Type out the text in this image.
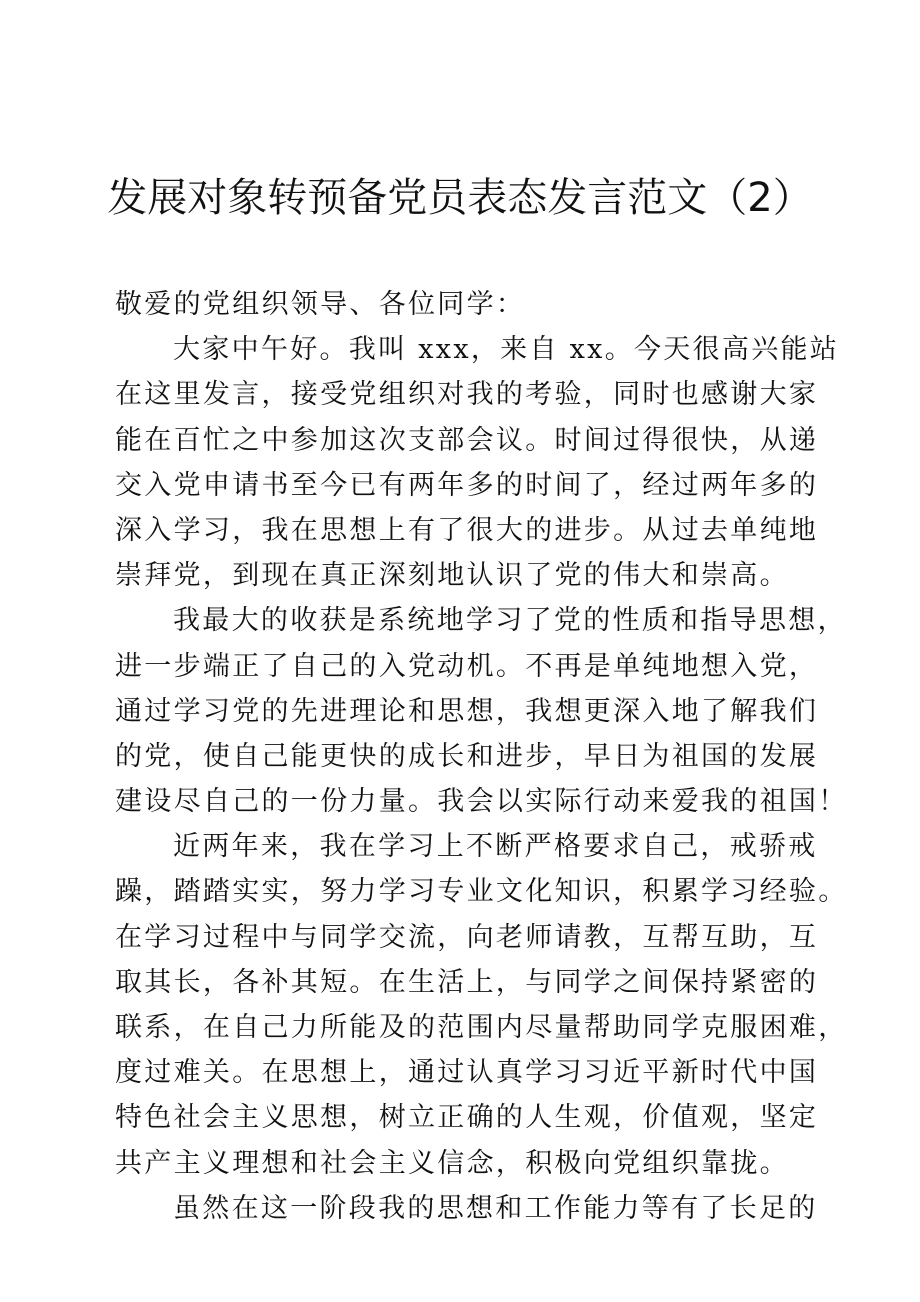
发展对象转预备党员表态发言范文（2）
敬爱的党组织领导、各位同学：
大家中午好。我叫 xxx，来自 xx。今天很高兴能站
在这里发言，接受党组织对我的考验，同时也感谢大家
能在百忙之中参加这次支部会议。时间过得很快，从递
交入党申请书至今已有两年多的时间了，经过两年多的
深入学习，我在思想上有了很大的进步。从过去单纯地
崇拜党，到现在真正深刻地认识了党的伟大和崇高。
我最大的收获是系统地学习了党的性质和指导思想，
进一步端正了自己的入党动机。不再是单纯地想入党，
通过学习党的先进理论和思想，我想更深入地了解我们
的党，使自己能更快的成长和进步，早日为祖国的发展
建设尽自己的一份力量。我会以实际行动来爱我的祖国！
近两年来，我在学习上不断严格要求自己，戒骄戒
躁，踏踏实实，努力学习专业文化知识，积累学习经验。
在学习过程中与同学交流，向老师请教，互帮互助，互
取其长，各补其短。在生活上，与同学之间保持紧密的
联系，在自己力所能及的范围内尽量帮助同学克服困难，
度过难关。在思想上，通过认真学习习近平新时代中国
特色社会主义思想，树立正确的人生观，价值观，坚定
共产主义理想和社会主义信念，积极向党组织靠拢。
虽然在这一阶段我的思想和工作能力等有了长足的
